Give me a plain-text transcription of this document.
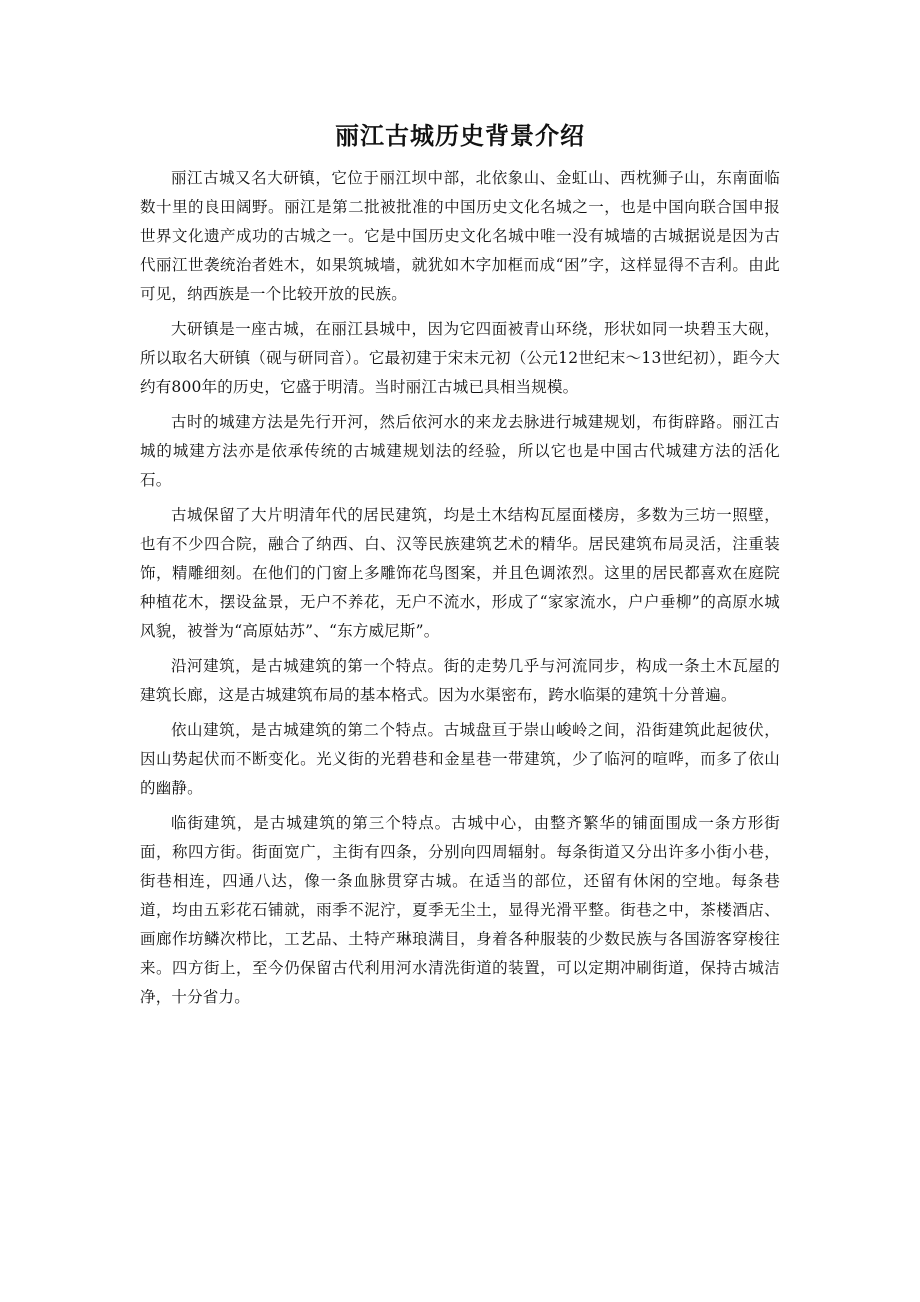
丽江古城历史背景介绍

丽江古城又名大研镇，它位于丽江坝中部，北依象山、金虹山、西枕狮子山，东南面临数十里的良田阔野。丽江是第二批被批准的中国历史文化名城之一，也是中国向联合国申报世界文化遗产成功的古城之一。它是中国历史文化名城中唯一没有城墙的古城据说是因为古代丽江世袭统治者姓木，如果筑城墙，就犹如木字加框而成“困”字，这样显得不吉利。由此可见，纳西族是一个比较开放的民族。

大研镇是一座古城，在丽江县城中，因为它四面被青山环绕，形状如同一块碧玉大砚，所以取名大研镇（砚与研同音）。它最初建于宋末元初（公元12世纪末～13世纪初），距今大约有800年的历史，它盛于明清。当时丽江古城已具相当规模。

古时的城建方法是先行开河，然后依河水的来龙去脉进行城建规划，布街辟路。丽江古城的城建方法亦是依承传统的古城建规划法的经验，所以它也是中国古代城建方法的活化石。

古城保留了大片明清年代的居民建筑，均是土木结构瓦屋面楼房，多数为三坊一照壁，也有不少四合院，融合了纳西、白、汉等民族建筑艺术的精华。居民建筑布局灵活，注重装饰，精雕细刻。在他们的门窗上多雕饰花鸟图案，并且色调浓烈。这里的居民都喜欢在庭院种植花木，摆设盆景，无户不养花，无户不流水，形成了“家家流水，户户垂柳”的高原水城风貌，被誉为“高原姑苏”、“东方威尼斯”。

沿河建筑，是古城建筑的第一个特点。街的走势几乎与河流同步，构成一条土木瓦屋的建筑长廊，这是古城建筑布局的基本格式。因为水渠密布，跨水临渠的建筑十分普遍。

依山建筑，是古城建筑的第二个特点。古城盘亘于崇山峻岭之间，沿街建筑此起彼伏，因山势起伏而不断变化。光义街的光碧巷和金星巷一带建筑，少了临河的喧哗，而多了依山的幽静。

临街建筑，是古城建筑的第三个特点。古城中心，由整齐繁华的铺面围成一条方形街面，称四方街。街面宽广，主街有四条，分别向四周辐射。每条街道又分出许多小街小巷，街巷相连，四通八达，像一条血脉贯穿古城。在适当的部位，还留有休闲的空地。每条巷道，均由五彩花石铺就，雨季不泥泞，夏季无尘土，显得光滑平整。街巷之中，茶楼酒店、画廊作坊鳞次栉比，工艺品、土特产琳琅满目，身着各种服装的少数民族与各国游客穿梭往来。四方街上，至今仍保留古代利用河水清洗街道的装置，可以定期冲刷街道，保持古城洁净，十分省力。
